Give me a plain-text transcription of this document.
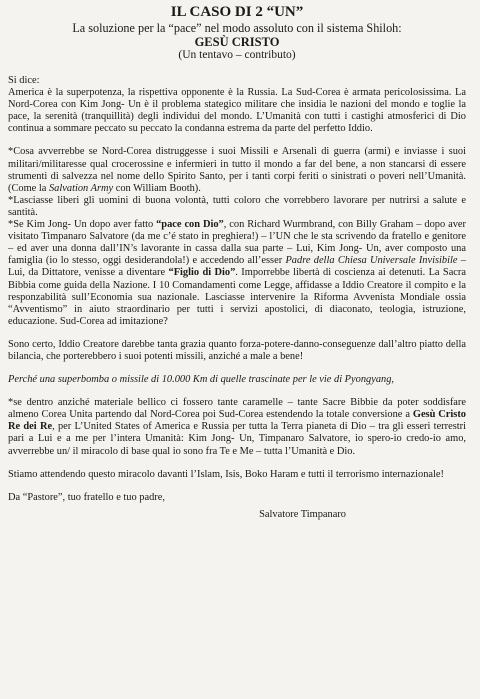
IL CASO DI 2 “UN”
La soluzione per la “pace” nel modo assoluto con il sistema Shiloh:
GESÙ CRISTO
(Un tentavo – contributo)

Si dice:

America è la superpotenza, la rispettiva opponente è la Russia. La Sud-Corea è armata pericolosissima. La Nord-Corea con Kim Jong- Un è il problema stategico militare che insidia le nazioni del mondo e toglie la pace, la serenità (tranquillità) degli individui del mondo. L’Umanità con tutti i castighi atmosferici di Dio continua a sommare peccato su peccato la condanna estrema da parte del perfetto Iddio.

*Cosa avverrebbe se Nord-Corea distruggesse i suoi Missili e Arsenali di guerra (armi) e inviasse i suoi militari/militaresse qual crocerossine e infermieri in tutto il mondo a far del bene, a non stancarsi di essere strumenti di salvezza nel nome dello Spirito Santo, per i tanti corpi feriti o sinistrati o poveri nell’Umanità. (Come la Salvation Army con William Booth).

*Lasciasse liberi gli uomini di buona volontà, tutti coloro che vorrebbero lavorare per nutrirsi a salute e santità.

*Se Kim Jong- Un dopo aver fatto “pace con Dio”, con Richard Wurmbrand, con Billy Graham – dopo aver visitato Timpanaro Salvatore (da me c’é stato in preghiera!) – l’UN che le sta scrivendo da fratello e genitore – ed aver una donna dall’IN’s lavorante in cassa dalla sua parte – Lui, Kim Jong- Un, aver composto una famiglia (io lo stesso, oggi desiderandola!) e accedendo all’esser Padre della Chiesa Universale Invisibile – Lui, da Dittatore, venisse a diventare “Figlio di Dio”. Imporrebbe libertà di coscienza ai detenuti. La Sacra Bibbia come guida della Nazione. I 10 Comandamenti come Legge, affidasse a Iddio Creatore il compito e la responzabilità sull’Economia sua nazionale. Lasciasse intervenire la Riforma Avvenista Mondiale ossia “Avventismo” in aiuto straordinario per tutti i servizi apostolici, di diaconato, teologia, istruzione, educazione. Sud-Corea ad imitazione?

Sono certo, Iddio Creatore darebbe tanta grazia quanto forza-potere-danno-conseguenze dall’altro piatto della bilancia, che porterebbero i suoi potenti missili, anziché a male a bene!

Perché una superbomba o missile di 10.000 Km di quelle trascinate per le vie di Pyongyang,

*se dentro anziché materiale bellico ci fossero tante caramelle – tante Sacre Bibbie da poter soddisfare almeno Corea Unita partendo dal Nord-Corea poi Sud-Corea estendendo la totale conversione a Gesù Cristo Re dei Re, per L’United States of America e Russia per tutta la Terra pianeta di Dio – tra gli esseri terrestri pari a Lui e a me per l’intera Umanità: Kim Jong- Un, Timpanaro Salvatore, io spero-io credo-io amo, avverrebbe un/ il miracolo di base qual io sono fra Te e Me – tutta l’Umanità e Dio.

Stiamo attendendo questo miracolo davanti l’Islam, Isis, Boko Haram e tutti il terrorismo internazionale!

Da “Pastore”, tuo fratello e tuo padre,

Salvatore Timpanaro
